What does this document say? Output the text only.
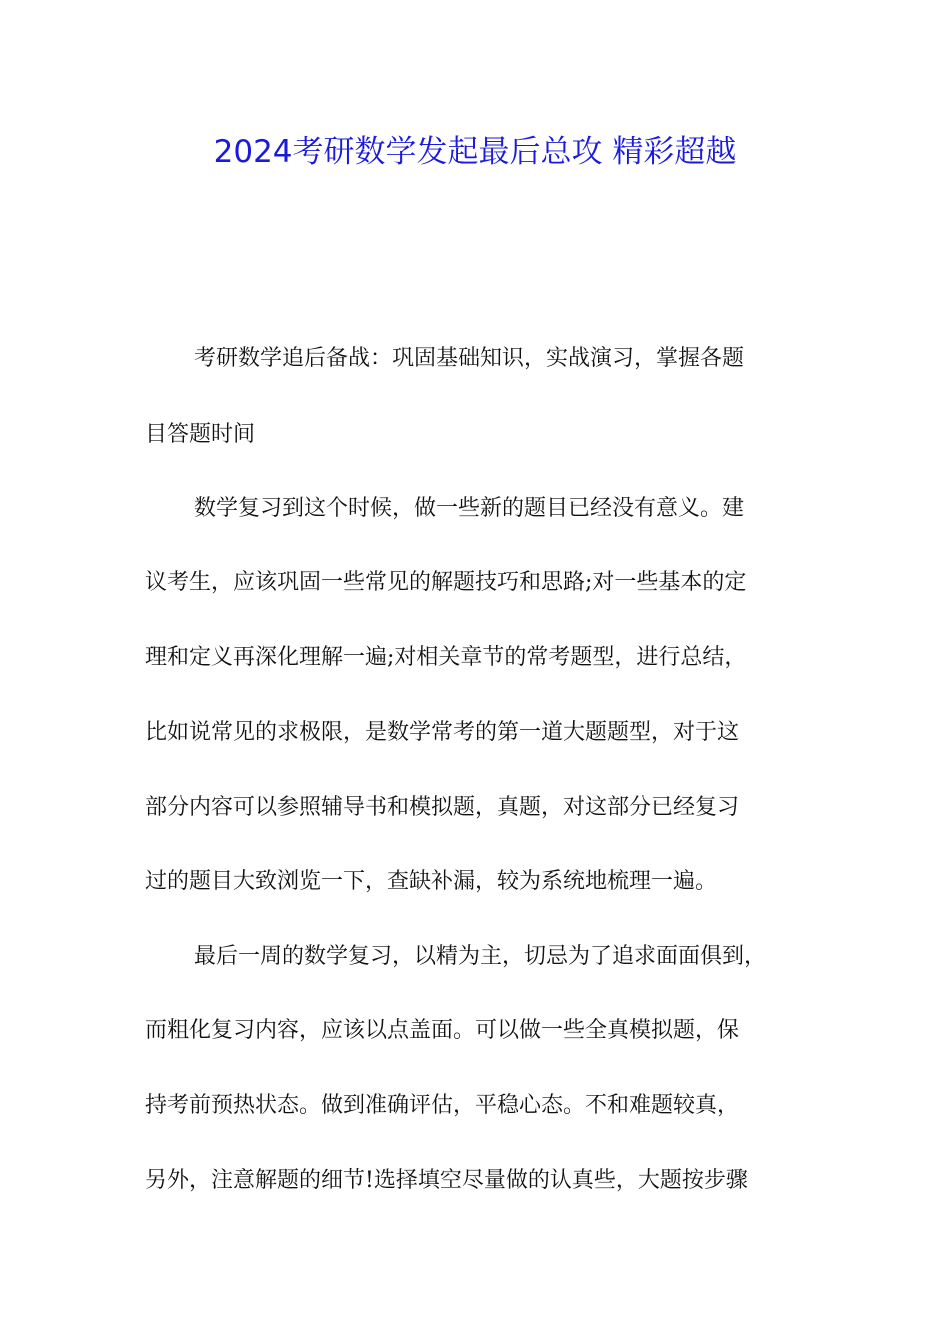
2024考研数学发起最后总攻 精彩超越
考研数学追后备战：巩固基础知识，实战演习，掌握各题
目答题时间
数学复习到这个时候，做一些新的题目已经没有意义。建
议考生，应该巩固一些常见的解题技巧和思路;对一些基本的定
理和定义再深化理解一遍;对相关章节的常考题型，进行总结，
比如说常见的求极限，是数学常考的第一道大题题型，对于这
部分内容可以参照辅导书和模拟题，真题，对这部分已经复习
过的题目大致浏览一下，查缺补漏，较为系统地梳理一遍。
最后一周的数学复习，以精为主，切忌为了追求面面俱到，
而粗化复习内容，应该以点盖面。可以做一些全真模拟题，保
持考前预热状态。做到准确评估，平稳心态。不和难题较真，
另外，注意解题的细节!选择填空尽量做的认真些，大题按步骤
